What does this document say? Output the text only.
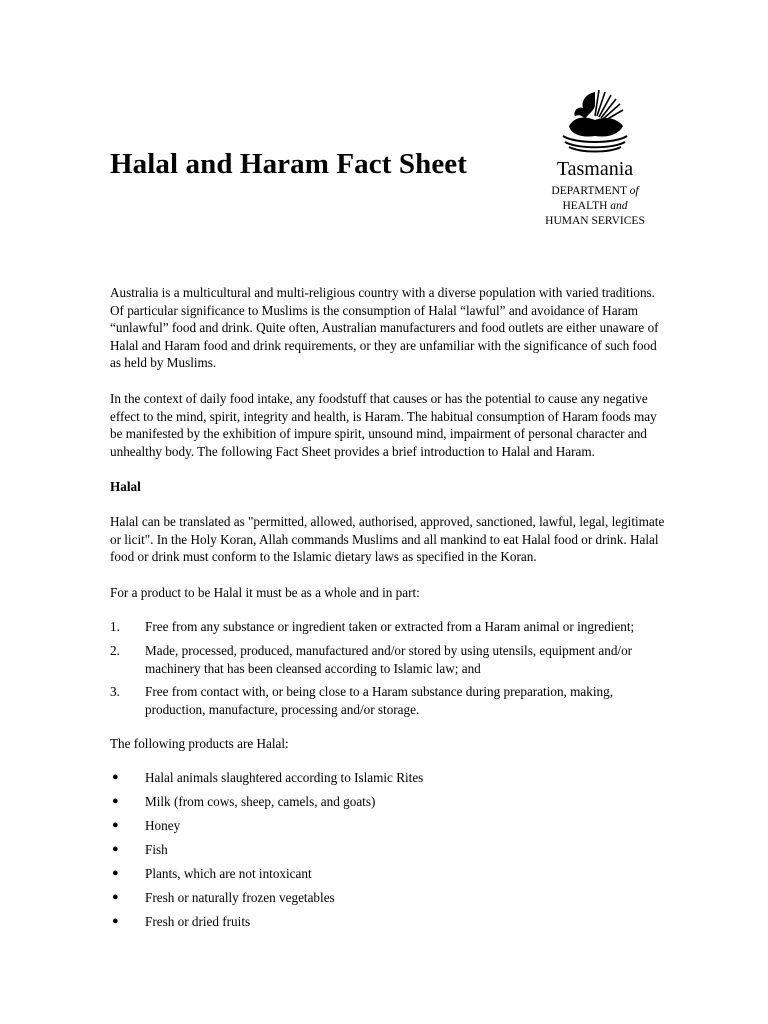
Halal and Haram Fact Sheet	Tasmania
DEPARTMENT of
HEALTH and
HUMAN SERVICES

Australia is a multicultural and multi-religious country with a diverse population with varied traditions. Of particular significance to Muslims is the consumption of Halal “lawful” and avoidance of Haram “unlawful” food and drink. Quite often, Australian manufacturers and food outlets are either unaware of Halal and Haram food and drink requirements, or they are unfamiliar with the significance of such food as held by Muslims.

In the context of daily food intake, any foodstuff that causes or has the potential to cause any negative effect to the mind, spirit, integrity and health, is Haram. The habitual consumption of Haram foods may be manifested by the exhibition of impure spirit, unsound mind, impairment of personal character and unhealthy body. The following Fact Sheet provides a brief introduction to Halal and Haram.

Halal

Halal can be translated as "permitted, allowed, authorised, approved, sanctioned, lawful, legal, legitimate or licit". In the Holy Koran, Allah commands Muslims and all mankind to eat Halal food or drink. Halal food or drink must conform to the Islamic dietary laws as specified in the Koran.

For a product to be Halal it must be as a whole and in part:

1. Free from any substance or ingredient taken or extracted from a Haram animal or ingredient;
2. Made, processed, produced, manufactured and/or stored by using utensils, equipment and/or machinery that has been cleansed according to Islamic law; and
3. Free from contact with, or being close to a Haram substance during preparation, making, production, manufacture, processing and/or storage.

The following products are Halal:

● Halal animals slaughtered according to Islamic Rites
● Milk (from cows, sheep, camels, and goats)
● Honey
● Fish
● Plants, which are not intoxicant
● Fresh or naturally frozen vegetables
● Fresh or dried fruits
